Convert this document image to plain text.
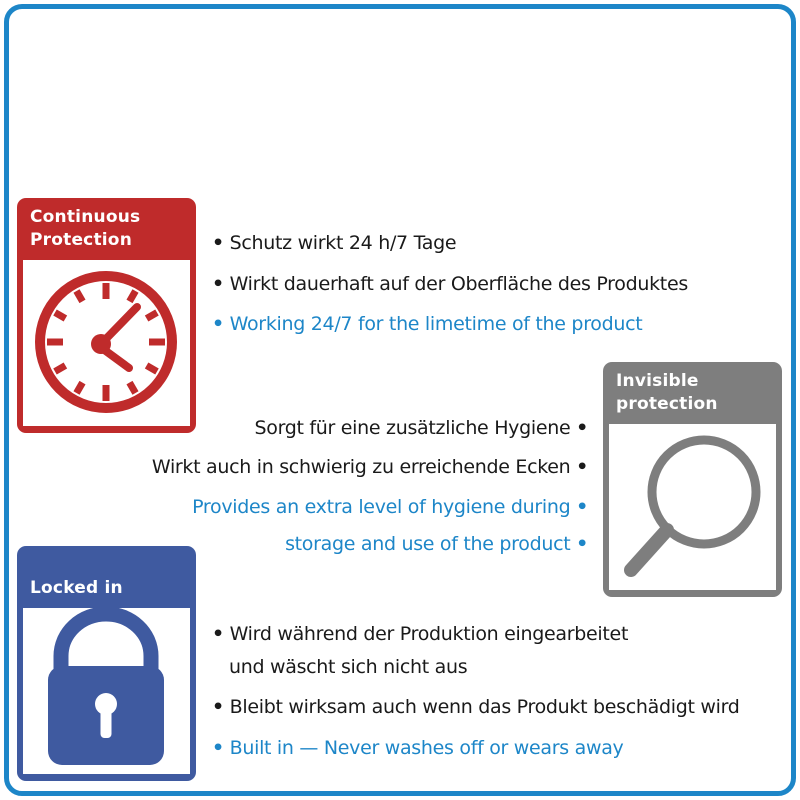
Continuous
Protection
Invisible
protection
Locked in
• Schutz wirkt 24 h/7 Tage
• Wirkt dauerhaft auf der Oberfläche des Produktes
• Working 24/7 for the limetime of the product
Sorgt für eine zusätzliche Hygiene •
Wirkt auch in schwierig zu erreichende Ecken •
Provides an extra level of hygiene during •
storage and use of the product •
• Wird während der Produktion eingearbeitet
und wäscht sich nicht aus
• Bleibt wirksam auch wenn das Produkt beschädigt wird
• Built in — Never washes off or wears away
